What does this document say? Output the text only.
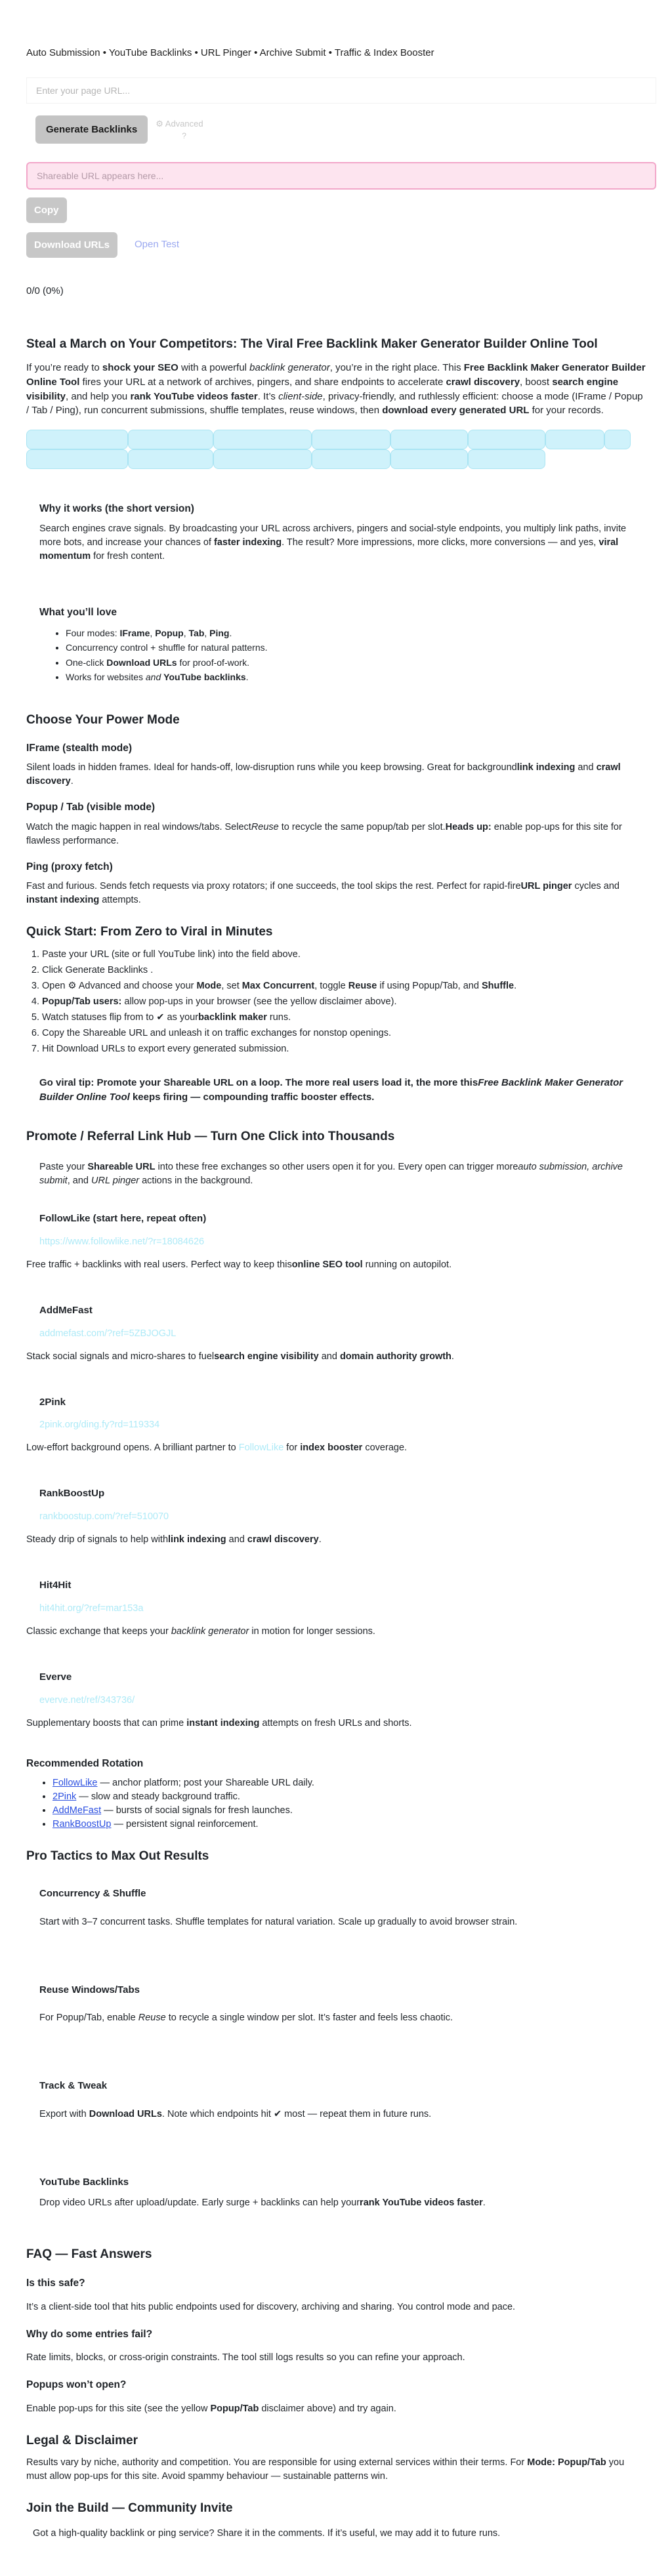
Auto Submission • YouTube Backlinks • URL Pinger • Archive Submit • Traffic & Index Booster
Enter your page URL...
Generate Backlinks
⚙ Advanced
?
Shareable URL appears here... Copy
Download URLs	Open Test
0/0 (0%)
Steal a March on Your Competitors: The Viral Free Backlink Maker Generator Builder Online Tool

If you’re ready to shock your SEO with a powerful backlink generator, you’re in the right place. This Free Backlink Maker Generator Builder Online Tool fires your URL at a network of archives, pingers, and share endpoints to accelerate crawl discovery, boost search engine visibility, and help you rank YouTube videos faster. It’s client-side, privacy-friendly, and ruthlessly efficient: choose a mode (IFrame / Popup / Tab / Ping), run concurrent submissions, shuffle templates, reuse windows, then download every generated URL for your records.

Why it works (the short version)

Search engines crave signals. By broadcasting your URL across archivers, pingers and social-style endpoints, you multiply link paths, invite more bots, and increase your chances of faster indexing. The result? More impressions, more clicks, more conversions — and yes, viral momentum for fresh content.

What you’ll love
• Four modes: IFrame, Popup, Tab, Ping.
• Concurrency control + shuffle for natural patterns.
• One-click Download URLs for proof-of-work.
• Works for websites and YouTube backlinks.
Choose Your Power Mode
IFrame (stealth mode)

Silent loads in hidden frames. Ideal for hands-off, low-disruption runs while you keep browsing. Great for backgroundlink indexing and crawl discovery.

Popup / Tab (visible mode)

Watch the magic happen in real windows/tabs. SelectReuse to recycle the same popup/tab per slot.Heads up: enable pop-ups for this site for flawless performance.

Ping (proxy fetch)

Fast and furious. Sends fetch requests via proxy rotators; if one succeeds, the tool skips the rest. Perfect for rapid-fireURL pinger cycles and instant indexing attempts.

Quick Start: From Zero to Viral in Minutes
1. Paste your URL (site or full YouTube link) into the field above.
2. Click Generate Backlinks .
3. Open ⚙ Advanced and choose your Mode, set Max Concurrent, toggle Reuse if using Popup/Tab, and Shuffle.
4. Popup/Tab users: allow pop-ups in your browser (see the yellow disclaimer above).
5. Watch statuses flip from to ✔ as yourbacklink maker runs.
6. Copy the Shareable URL and unleash it on traffic exchanges for nonstop openings.
7. Hit Download URLs to export every generated submission.
Go viral tip: Promote your Shareable URL on a loop. The more real users load it, the more thisFree Backlink Maker Generator Builder Online Tool keeps firing — compounding traffic booster effects.
Promote / Referral Link Hub — Turn One Click into Thousands
Paste your Shareable URL into these free exchanges so other users open it for you. Every open can trigger moreauto submission, archive submit, and URL pinger actions in the background.
FollowLike (start here, repeat often)
https://www.followlike.net/?r=18084626

Free traffic + backlinks with real users. Perfect way to keep thisonline SEO tool running on autopilot.

AddMeFast
addmefast.com/?ref=5ZBJOGJL

Stack social signals and micro-shares to fuelsearch engine visibility and domain authority growth.

2Pink
2pink.org/ding.fy?rd=119334

Low-effort background opens. A brilliant partner to FollowLike for index booster coverage.

RankBoostUp
rankboostup.com/?ref=510070

Steady drip of signals to help withlink indexing and crawl discovery.

Hit4Hit
hit4hit.org/?ref=mar153a

Classic exchange that keeps your backlink generator in motion for longer sessions.

Everve
everve.net/ref/343736/

Supplementary boosts that can prime instant indexing attempts on fresh URLs and shorts.

Recommended Rotation
• FollowLike — anchor platform; post your Shareable URL daily.
• 2Pink — slow and steady background traffic.
• AddMeFast — bursts of social signals for fresh launches.
• RankBoostUp — persistent signal reinforcement.
Pro Tactics to Max Out Results
Concurrency & Shuffle

Start with 3–7 concurrent tasks. Shuffle templates for natural variation. Scale up gradually to avoid browser strain.

Reuse Windows/Tabs

For Popup/Tab, enable Reuse to recycle a single window per slot. It’s faster and feels less chaotic.

Track & Tweak

Export with Download URLs. Note which endpoints hit ✔ most — repeat them in future runs.

YouTube Backlinks

Drop video URLs after upload/update. Early surge + backlinks can help yourrank YouTube videos faster.

FAQ — Fast Answers
Is this safe?

It’s a client-side tool that hits public endpoints used for discovery, archiving and sharing. You control mode and pace.

Why do some entries fail?

Rate limits, blocks, or cross-origin constraints. The tool still logs results so you can refine your approach.

Popups won’t open?

Enable pop-ups for this site (see the yellow Popup/Tab disclaimer above) and try again.

Legal & Disclaimer

Results vary by niche, authority and competition. You are responsible for using external services within their terms. For Mode: Popup/Tab you must allow pop-ups for this site. Avoid spammy behaviour — sustainable patterns win.

Join the Build — Community Invite

Got a high-quality backlink or ping service? Share it in the comments. If it’s useful, we may add it to future runs.
